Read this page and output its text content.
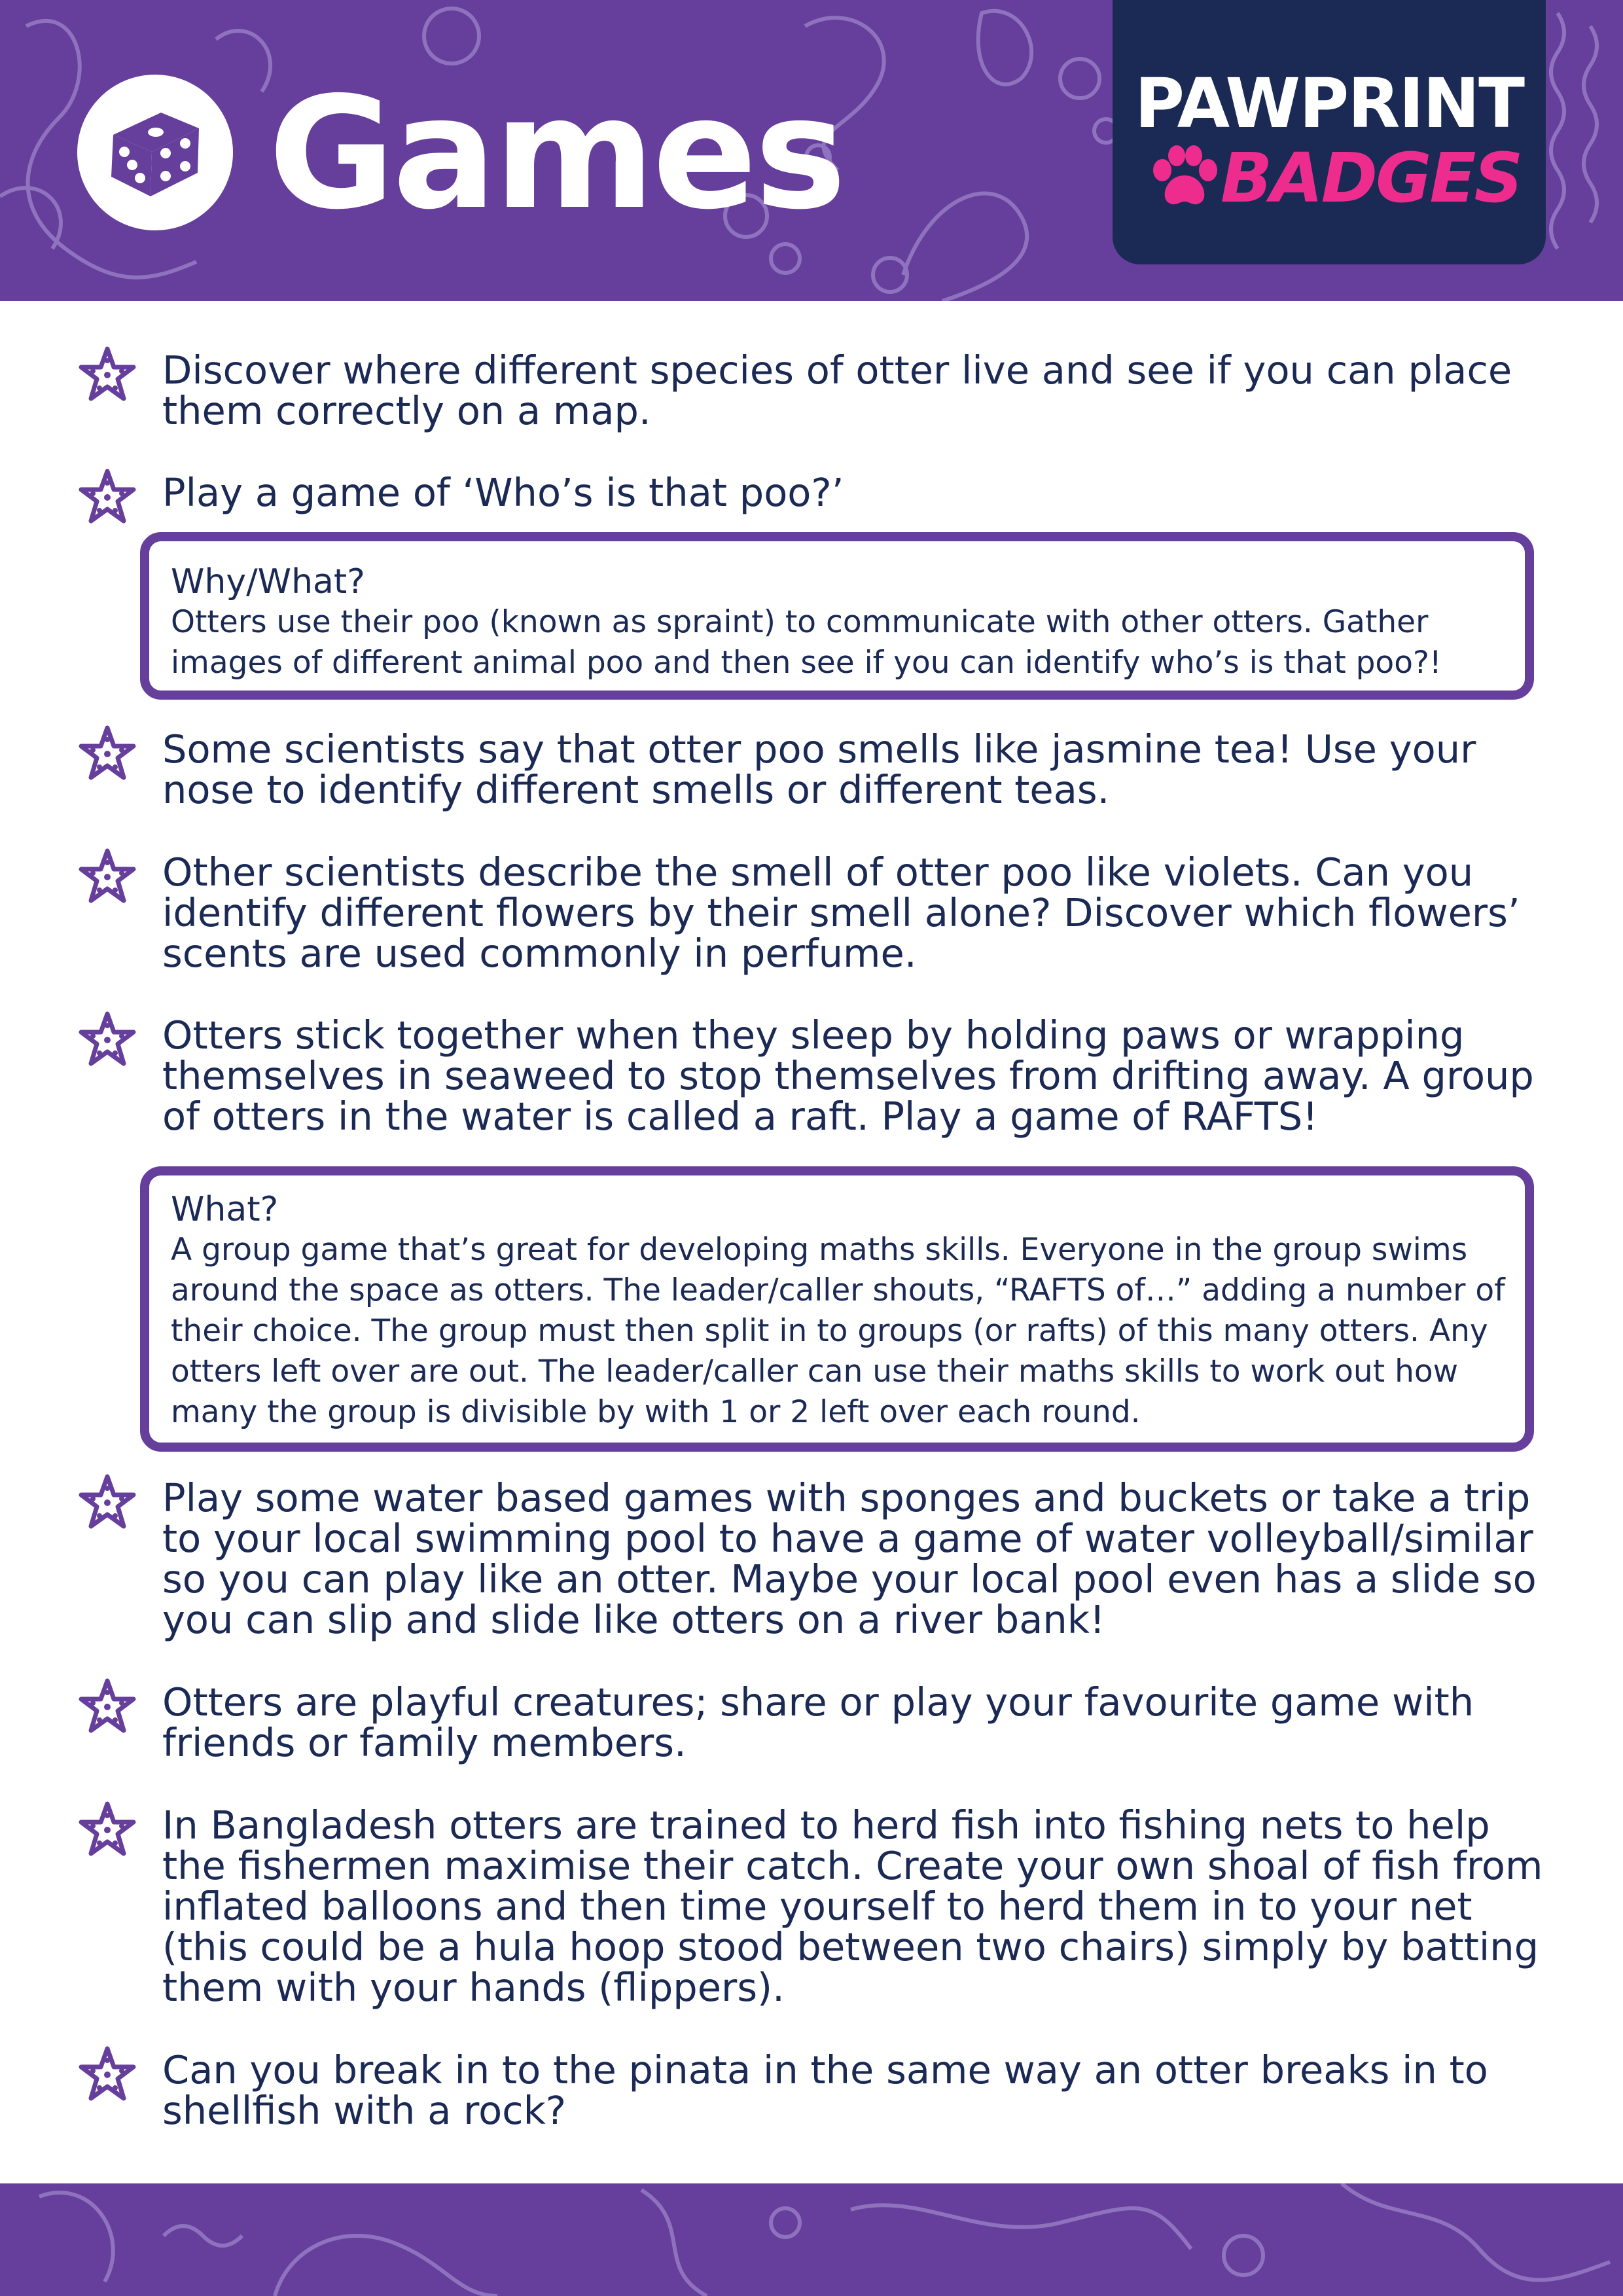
Games	PAWPRINT
BADGES
Discover where different species of otter live and see if you can place them correctly on a map.
Play a game of ‘Who’s is that poo?’
Why/What?
Otters use their poo (known as spraint) to communicate with other otters. Gather images of different animal poo and then see if you can identify who’s is that poo?!
Some scientists say that otter poo smells like jasmine tea! Use your nose to identify different smells or different teas.
Other scientists describe the smell of otter poo like violets. Can you identify different flowers by their smell alone? Discover which flowers’ scents are used commonly in perfume.
Otters stick together when they sleep by holding paws or wrapping themselves in seaweed to stop themselves from drifting away. A group of otters in the water is called a raft. Play a game of RAFTS!
What?
A group game that’s great for developing maths skills. Everyone in the group swims around the space as otters. The leader/caller shouts, “RAFTS of…” adding a number of their choice. The group must then split in to groups (or rafts) of this many otters. Any otters left over are out. The leader/caller can use their maths skills to work out how many the group is divisible by with 1 or 2 left over each round.
Play some water based games with sponges and buckets or take a trip to your local swimming pool to have a game of water volleyball/similar so you can play like an otter. Maybe your local pool even has a slide so you can slip and slide like otters on a river bank!
Otters are playful creatures; share or play your favourite game with friends or family members.
In Bangladesh otters are trained to herd fish into fishing nets to help the fishermen maximise their catch. Create your own shoal of fish from inflated balloons and then time yourself to herd them in to your net (this could be a hula hoop stood between two chairs) simply by batting them with your hands (flippers).
Can you break in to the pinata in the same way an otter breaks in to shellfish with a rock?
